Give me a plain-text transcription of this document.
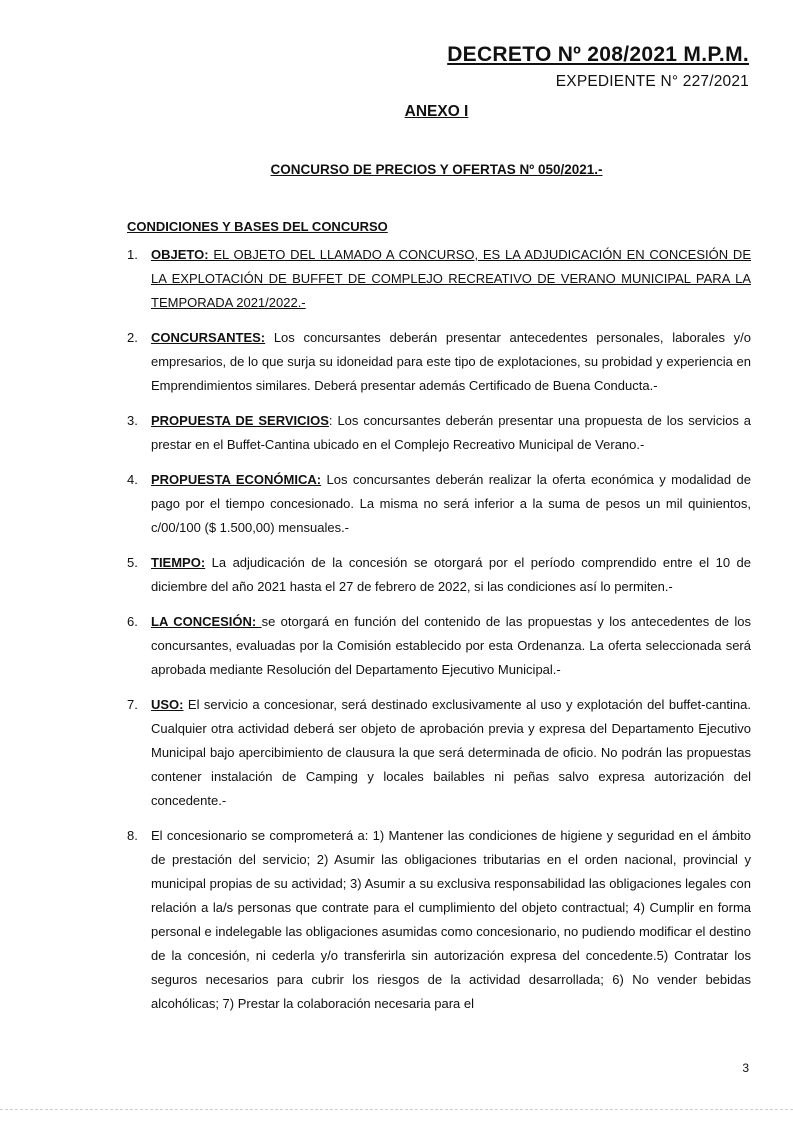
DECRETO Nº 208/2021 M.P.M.
EXPEDIENTE N° 227/2021
ANEXO I
CONCURSO DE PRECIOS Y OFERTAS Nº 050/2021.-
CONDICIONES Y BASES DEL CONCURSO
1. OBJETO: EL OBJETO DEL LLAMADO A CONCURSO, ES LA ADJUDICACIÓN EN CONCESIÓN DE LA EXPLOTACIÓN DE BUFFET DE COMPLEJO RECREATIVO DE VERANO MUNICIPAL PARA LA TEMPORADA 2021/2022.-
2. CONCURSANTES: Los concursantes deberán presentar antecedentes personales, laborales y/o empresarios, de lo que surja su idoneidad para este tipo de explotaciones, su probidad y experiencia en Emprendimientos similares. Deberá presentar además Certificado de Buena Conducta.-
3. PROPUESTA DE SERVICIOS: Los concursantes deberán presentar una propuesta de los servicios a prestar en el Buffet-Cantina ubicado en el Complejo Recreativo Municipal de Verano.-
4. PROPUESTA ECONÓMICA: Los concursantes deberán realizar la oferta económica y modalidad de pago por el tiempo concesionado. La misma no será inferior a la suma de pesos un mil quinientos, c/00/100 ($ 1.500,00) mensuales.-
5. TIEMPO: La adjudicación de la concesión se otorgará por el período comprendido entre el 10 de diciembre del año 2021 hasta el 27 de febrero de 2022, si las condiciones así lo permiten.-
6. LA CONCESIÓN: se otorgará en función del contenido de las propuestas y los antecedentes de los concursantes, evaluadas por la Comisión establecido por esta Ordenanza. La oferta seleccionada será aprobada mediante Resolución del Departamento Ejecutivo Municipal.-
7. USO: El servicio a concesionar, será destinado exclusivamente al uso y explotación del buffet-cantina. Cualquier otra actividad deberá ser objeto de aprobación previa y expresa del Departamento Ejecutivo Municipal bajo apercibimiento de clausura la que será determinada de oficio. No podrán las propuestas contener instalación de Camping y locales bailables ni peñas salvo expresa autorización del concedente.-
8. El concesionario se comprometerá a: 1) Mantener las condiciones de higiene y seguridad en el ámbito de prestación del servicio; 2) Asumir las obligaciones tributarias en el orden nacional, provincial y municipal propias de su actividad; 3) Asumir a su exclusiva responsabilidad las obligaciones legales con relación a la/s personas que contrate para el cumplimiento del objeto contractual; 4) Cumplir en forma personal e indelegable las obligaciones asumidas como concesionario, no pudiendo modificar el destino de la concesión, ni cederla y/o transferirla sin autorización expresa del concedente.5) Contratar los seguros necesarios para cubrir los riesgos de la actividad desarrollada; 6) No vender bebidas alcohólicas; 7) Prestar la colaboración necesaria para el
3
